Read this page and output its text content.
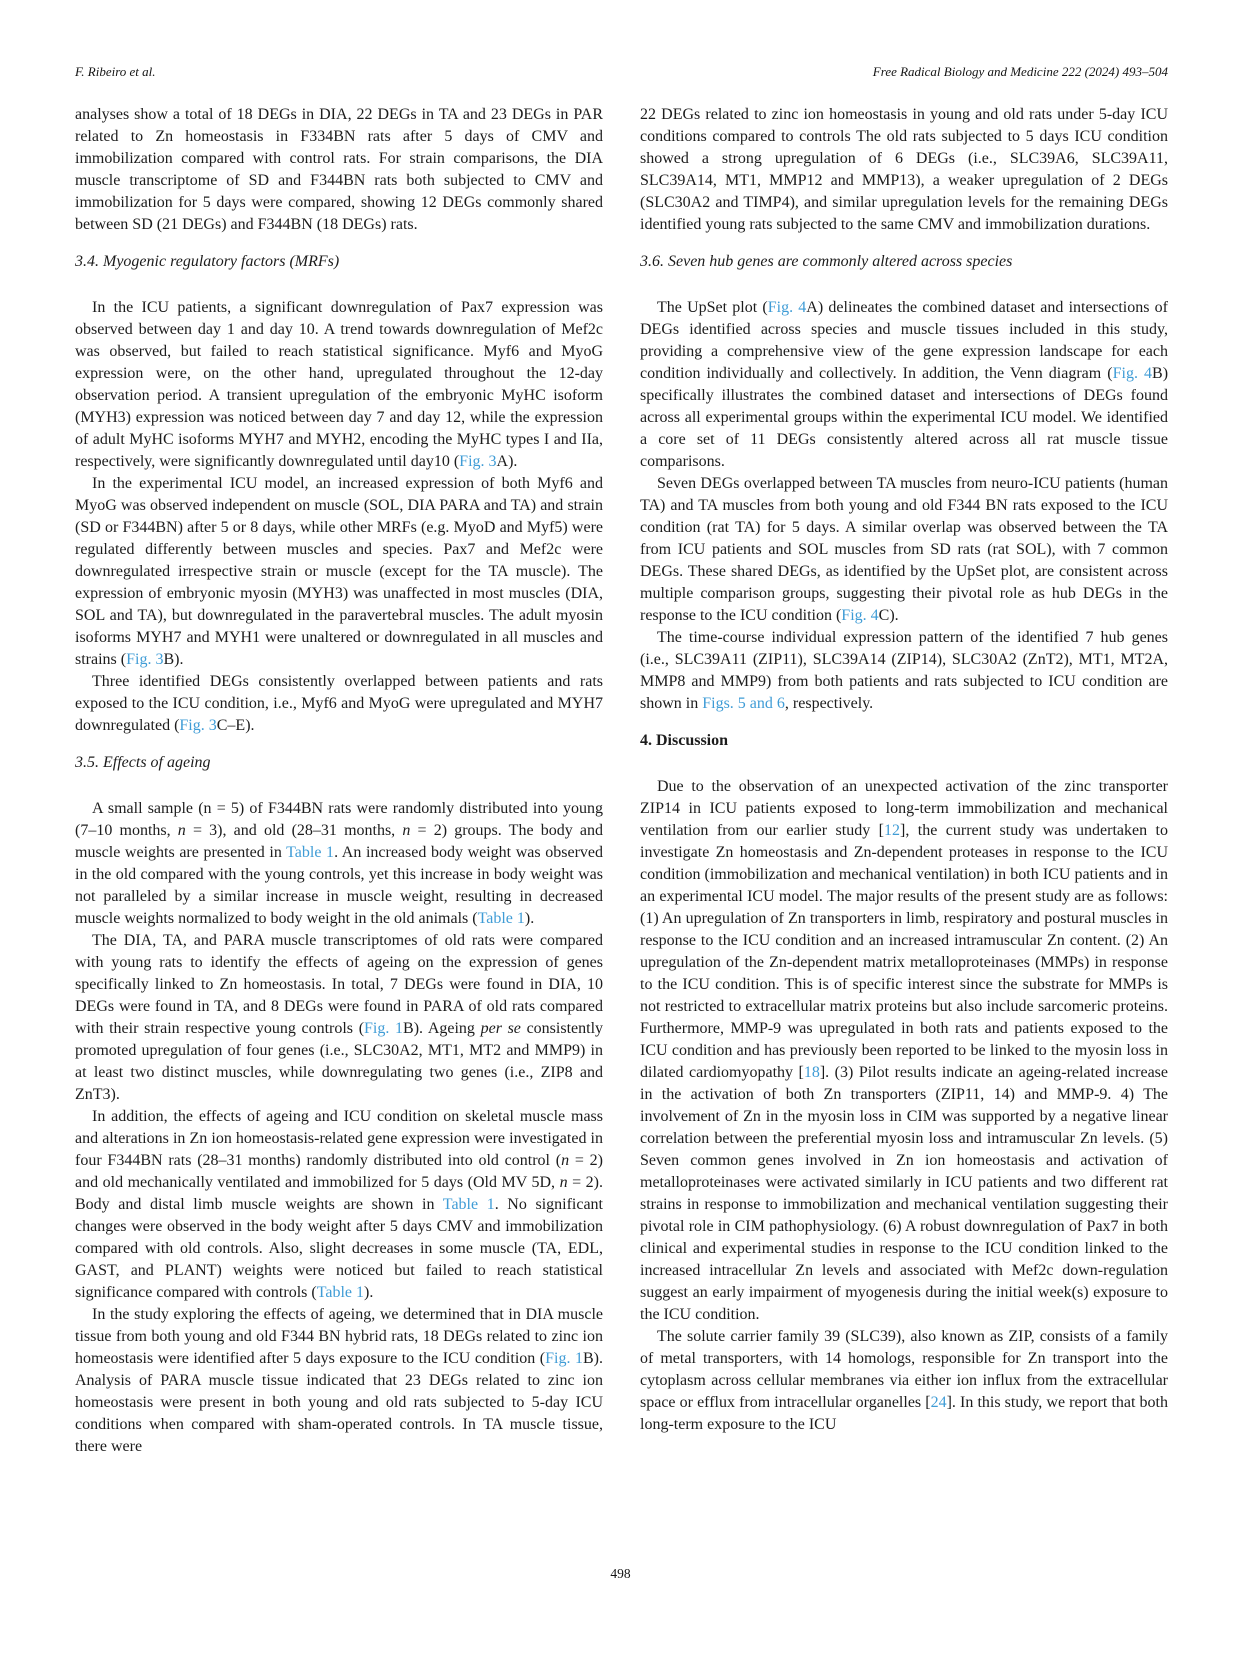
F. Ribeiro et al.	Free Radical Biology and Medicine 222 (2024) 493–504

analyses show a total of 18 DEGs in DIA, 22 DEGs in TA and 23 DEGs in PAR related to Zn homeostasis in F334BN rats after 5 days of CMV and immobilization compared with control rats. For strain comparisons, the DIA muscle transcriptome of SD and F344BN rats both subjected to CMV and immobilization for 5 days were compared, showing 12 DEGs commonly shared between SD (21 DEGs) and F344BN (18 DEGs) rats.

3.4. Myogenic regulatory factors (MRFs)

In the ICU patients, a significant downregulation of Pax7 expression was observed between day 1 and day 10. A trend towards downregulation of Mef2c was observed, but failed to reach statistical significance. Myf6 and MyoG expression were, on the other hand, upregulated throughout the 12-day observation period. A transient upregulation of the embryonic MyHC isoform (MYH3) expression was noticed between day 7 and day 12, while the expression of adult MyHC isoforms MYH7 and MYH2, encoding the MyHC types I and IIa, respectively, were significantly downregulated until day10 (Fig. 3A).

In the experimental ICU model, an increased expression of both Myf6 and MyoG was observed independent on muscle (SOL, DIA PARA and TA) and strain (SD or F344BN) after 5 or 8 days, while other MRFs (e.g. MyoD and Myf5) were regulated differently between muscles and species. Pax7 and Mef2c were downregulated irrespective strain or muscle (except for the TA muscle). The expression of embryonic myosin (MYH3) was unaffected in most muscles (DIA, SOL and TA), but downregulated in the paravertebral muscles. The adult myosin isoforms MYH7 and MYH1 were unaltered or downregulated in all muscles and strains (Fig. 3B).

Three identified DEGs consistently overlapped between patients and rats exposed to the ICU condition, i.e., Myf6 and MyoG were upregulated and MYH7 downregulated (Fig. 3C–E).

3.5. Effects of ageing

A small sample (n = 5) of F344BN rats were randomly distributed into young (7–10 months, n = 3), and old (28–31 months, n = 2) groups. The body and muscle weights are presented in Table 1. An increased body weight was observed in the old compared with the young controls, yet this increase in body weight was not paralleled by a similar increase in muscle weight, resulting in decreased muscle weights normalized to body weight in the old animals (Table 1).

The DIA, TA, and PARA muscle transcriptomes of old rats were compared with young rats to identify the effects of ageing on the expression of genes specifically linked to Zn homeostasis. In total, 7 DEGs were found in DIA, 10 DEGs were found in TA, and 8 DEGs were found in PARA of old rats compared with their strain respective young controls (Fig. 1B). Ageing per se consistently promoted upregulation of four genes (i.e., SLC30A2, MT1, MT2 and MMP9) in at least two distinct muscles, while downregulating two genes (i.e., ZIP8 and ZnT3).

In addition, the effects of ageing and ICU condition on skeletal muscle mass and alterations in Zn ion homeostasis-related gene expression were investigated in four F344BN rats (28–31 months) randomly distributed into old control (n = 2) and old mechanically ventilated and immobilized for 5 days (Old MV 5D, n = 2). Body and distal limb muscle weights are shown in Table 1. No significant changes were observed in the body weight after 5 days CMV and immobilization compared with old controls. Also, slight decreases in some muscle (TA, EDL, GAST, and PLANT) weights were noticed but failed to reach statistical significance compared with controls (Table 1).

In the study exploring the effects of ageing, we determined that in DIA muscle tissue from both young and old F344 BN hybrid rats, 18 DEGs related to zinc ion homeostasis were identified after 5 days exposure to the ICU condition (Fig. 1B). Analysis of PARA muscle tissue indicated that 23 DEGs related to zinc ion homeostasis were present in both young and old rats subjected to 5-day ICU conditions when compared with sham-operated controls. In TA muscle tissue, there were

22 DEGs related to zinc ion homeostasis in young and old rats under 5-day ICU conditions compared to controls The old rats subjected to 5 days ICU condition showed a strong upregulation of 6 DEGs (i.e., SLC39A6, SLC39A11, SLC39A14, MT1, MMP12 and MMP13), a weaker upregulation of 2 DEGs (SLC30A2 and TIMP4), and similar upregulation levels for the remaining DEGs identified young rats subjected to the same CMV and immobilization durations.

3.6. Seven hub genes are commonly altered across species

The UpSet plot (Fig. 4A) delineates the combined dataset and intersections of DEGs identified across species and muscle tissues included in this study, providing a comprehensive view of the gene expression landscape for each condition individually and collectively. In addition, the Venn diagram (Fig. 4B) specifically illustrates the combined dataset and intersections of DEGs found across all experimental groups within the experimental ICU model. We identified a core set of 11 DEGs consistently altered across all rat muscle tissue comparisons.

Seven DEGs overlapped between TA muscles from neuro-ICU patients (human TA) and TA muscles from both young and old F344 BN rats exposed to the ICU condition (rat TA) for 5 days. A similar overlap was observed between the TA from ICU patients and SOL muscles from SD rats (rat SOL), with 7 common DEGs. These shared DEGs, as identified by the UpSet plot, are consistent across multiple comparison groups, suggesting their pivotal role as hub DEGs in the response to the ICU condition (Fig. 4C).

The time-course individual expression pattern of the identified 7 hub genes (i.e., SLC39A11 (ZIP11), SLC39A14 (ZIP14), SLC30A2 (ZnT2), MT1, MT2A, MMP8 and MMP9) from both patients and rats subjected to ICU condition are shown in Figs. 5 and 6, respectively.

4. Discussion

Due to the observation of an unexpected activation of the zinc transporter ZIP14 in ICU patients exposed to long-term immobilization and mechanical ventilation from our earlier study [12], the current study was undertaken to investigate Zn homeostasis and Zn-dependent proteases in response to the ICU condition (immobilization and mechanical ventilation) in both ICU patients and in an experimental ICU model. The major results of the present study are as follows: (1) An upregulation of Zn transporters in limb, respiratory and postural muscles in response to the ICU condition and an increased intramuscular Zn content. (2) An upregulation of the Zn-dependent matrix metalloproteinases (MMPs) in response to the ICU condition. This is of specific interest since the substrate for MMPs is not restricted to extracellular matrix proteins but also include sarcomeric proteins. Furthermore, MMP-9 was upregulated in both rats and patients exposed to the ICU condition and has previously been reported to be linked to the myosin loss in dilated cardiomyopathy [18]. (3) Pilot results indicate an ageing-related increase in the activation of both Zn transporters (ZIP11, 14) and MMP-9. 4) The involvement of Zn in the myosin loss in CIM was supported by a negative linear correlation between the preferential myosin loss and intramuscular Zn levels. (5) Seven common genes involved in Zn ion homeostasis and activation of metalloproteinases were activated similarly in ICU patients and two different rat strains in response to immobilization and mechanical ventilation suggesting their pivotal role in CIM pathophysiology. (6) A robust downregulation of Pax7 in both clinical and experimental studies in response to the ICU condition linked to the increased intracellular Zn levels and associated with Mef2c down-regulation suggest an early impairment of myogenesis during the initial week(s) exposure to the ICU condition.

The solute carrier family 39 (SLC39), also known as ZIP, consists of a family of metal transporters, with 14 homologs, responsible for Zn transport into the cytoplasm across cellular membranes via either ion influx from the extracellular space or efflux from intracellular organelles [24]. In this study, we report that both long-term exposure to the ICU

498
